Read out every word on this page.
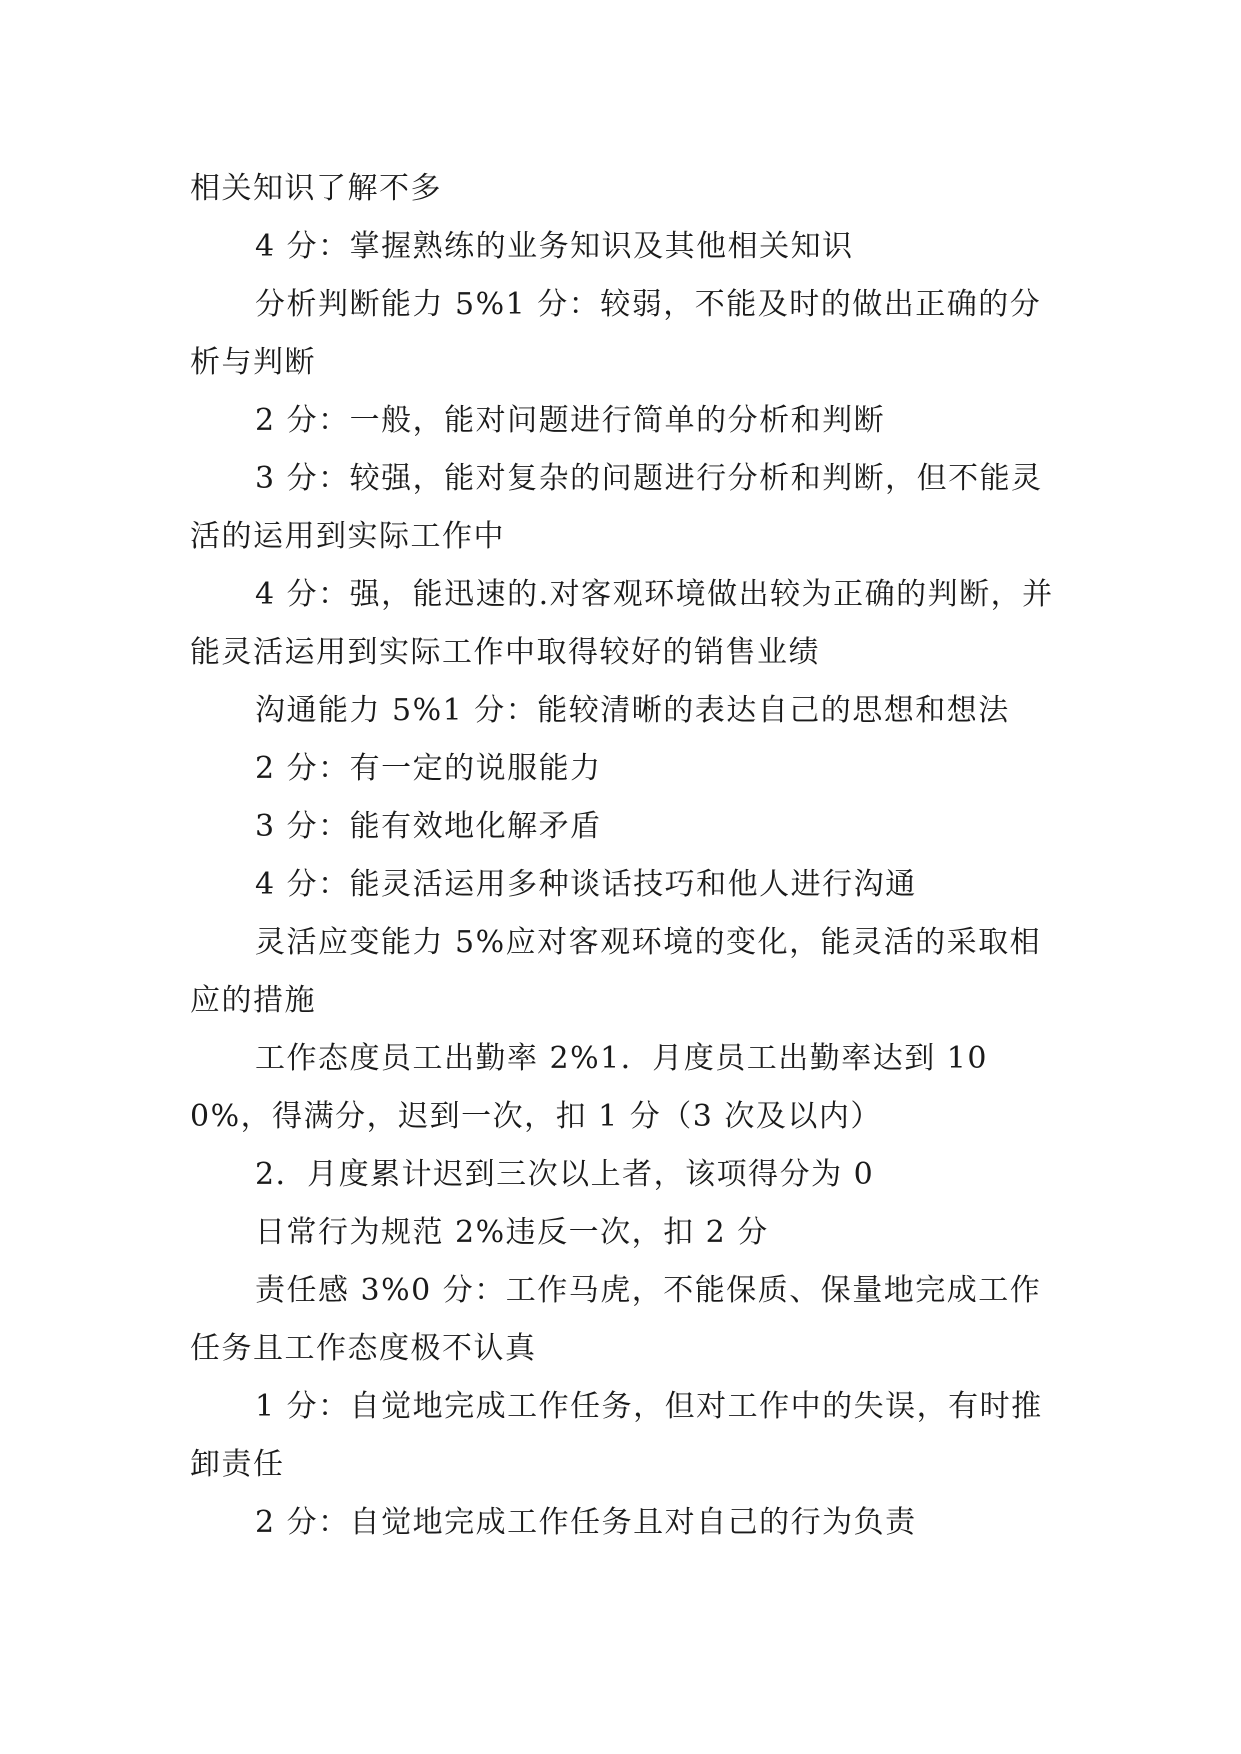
相关知识了解不多

4 分：掌握熟练的业务知识及其他相关知识

分析判断能力 5%1 分：较弱，不能及时的做出正确的分析与判断

2 分：一般，能对问题进行简单的分析和判断

3 分：较强，能对复杂的问题进行分析和判断，但不能灵活的运用到实际工作中

4 分：强，能迅速的.对客观环境做出较为正确的判断，并能灵活运用到实际工作中取得较好的销售业绩

沟通能力 5%1 分：能较清晰的表达自己的思想和想法

2 分：有一定的说服能力

3 分：能有效地化解矛盾

4 分：能灵活运用多种谈话技巧和他人进行沟通

灵活应变能力 5%应对客观环境的变化，能灵活的采取相应的措施

工作态度员工出勤率 2%1．月度员工出勤率达到 100%，得满分，迟到一次，扣 1 分（3 次及以内）

2．月度累计迟到三次以上者，该项得分为 0

日常行为规范 2%违反一次，扣 2 分

责任感 3%0 分：工作马虎，不能保质、保量地完成工作任务且工作态度极不认真

1 分：自觉地完成工作任务，但对工作中的失误，有时推卸责任

2 分：自觉地完成工作任务且对自己的行为负责
